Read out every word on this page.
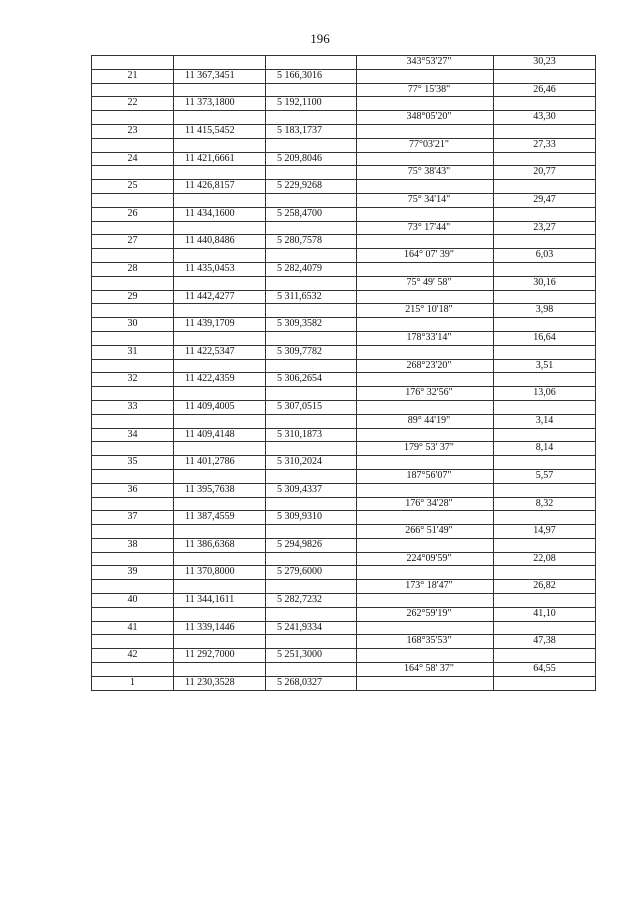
196
			343°53'27"	30,23
21	11 367,3451	5 166,3016		
			77° 15'38"	26,46
22	11 373,1800	5 192,1100		
			348°05'20"	43,30
23	11 415,5452	5 183,1737		
			77°03'21"	27,33
24	11 421,6661	5 209,8046		
			75° 38'43"	20,77
25	11 426,8157	5 229,9268		
			75° 34'14"	29,47
26	11 434,1600	5 258,4700		
			73° 17'44"	23,27
27	11 440,8486	5 280,7578		
			164° 07' 39"	6,03
28	11 435,0453	5 282,4079		
			75° 49' 58"	30,16
29	11 442,4277	5 311,6532		
			215° 10'18"	3,98
30	11 439,1709	5 309,3582		
			178°33'14"	16,64
31	11 422,5347	5 309,7782		
			268°23'20"	3,51
32	11 422,4359	5 306,2654		
			176° 32'56"	13,06
33	11 409,4005	5 307,0515		
			89° 44'19"	3,14
34	11 409,4148	5 310,1873		
			179° 53' 37"	8,14
35	11 401,2786	5 310,2024		
			187°56'07"	5,57
36	11 395,7638	5 309,4337		
			176° 34'28"	8,32
37	11 387,4559	5 309,9310		
			266° 51'49"	14,97
38	11 386,6368	5 294,9826		
			224°09'59"	22,08
39	11 370,8000	5 279,6000		
			173° 18'47"	26,82
40	11 344,1611	5 282,7232		
			262°59'19"	41,10
41	11 339,1446	5 241,9334		
			168°35'53"	47,38
42	11 292,7000	5 251,3000		
			164° 58' 37"	64,55
1	11 230,3528	5 268,0327		
